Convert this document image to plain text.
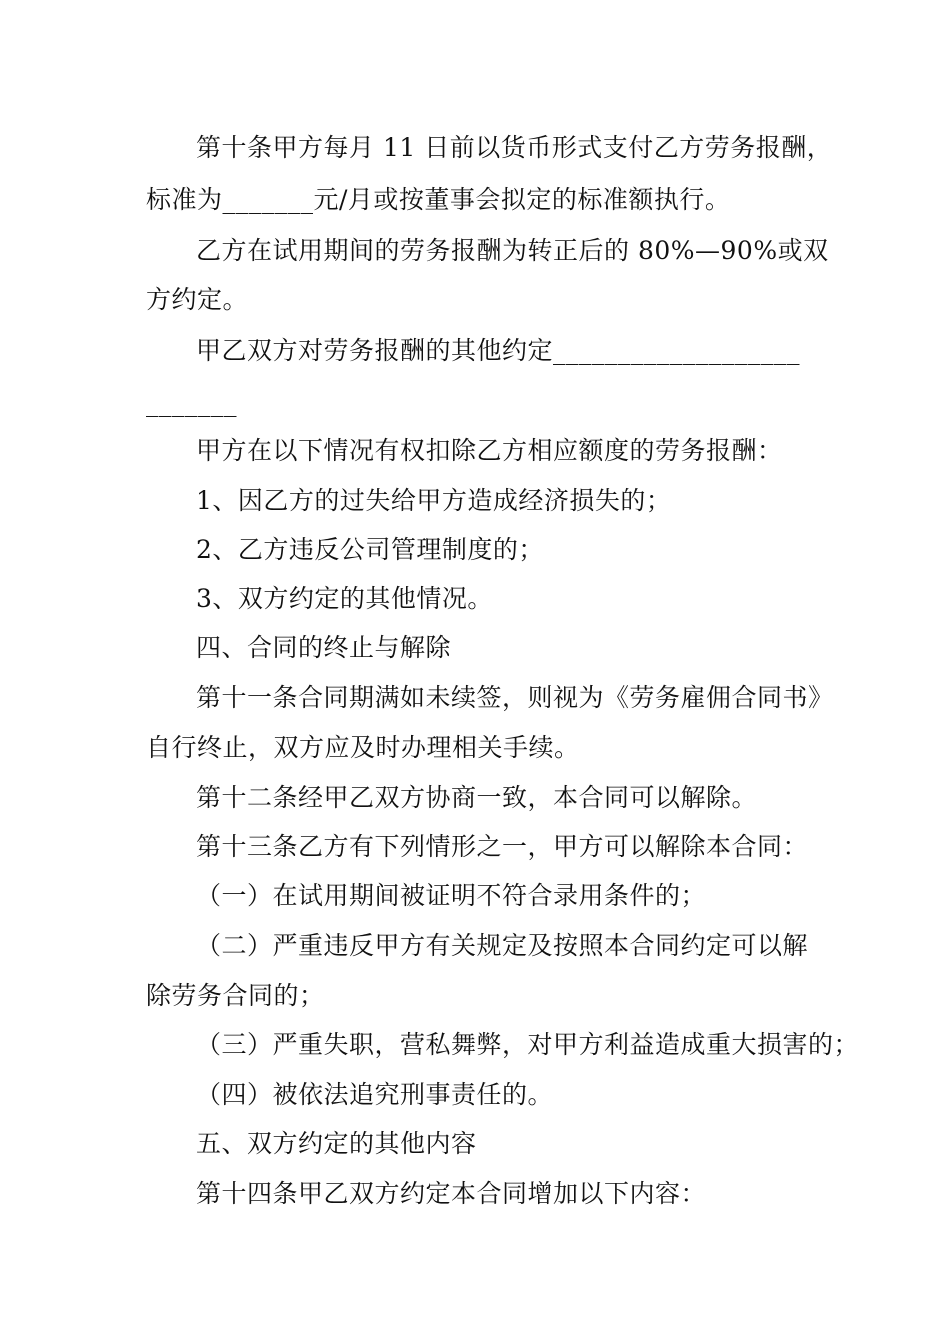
第十条甲方每月 11 日前以货币形式支付乙方劳务报酬，
标准为_______元/月或按董事会拟定的标准额执行。
乙方在试用期间的劳务报酬为转正后的 80%—90%或双
方约定。
甲乙双方对劳务报酬的其他约定___________________
_______
甲方在以下情况有权扣除乙方相应额度的劳务报酬：
1、因乙方的过失给甲方造成经济损失的；
2、乙方违反公司管理制度的；
3、双方约定的其他情况。
四、合同的终止与解除
第十一条合同期满如未续签，则视为《劳务雇佣合同书》
自行终止，双方应及时办理相关手续。
第十二条经甲乙双方协商一致，本合同可以解除。
第十三条乙方有下列情形之一，甲方可以解除本合同：
（一）在试用期间被证明不符合录用条件的；
（二）严重违反甲方有关规定及按照本合同约定可以解
除劳务合同的；
（三）严重失职，营私舞弊，对甲方利益造成重大损害的；
（四）被依法追究刑事责任的。
五、双方约定的其他内容
第十四条甲乙双方约定本合同增加以下内容：
